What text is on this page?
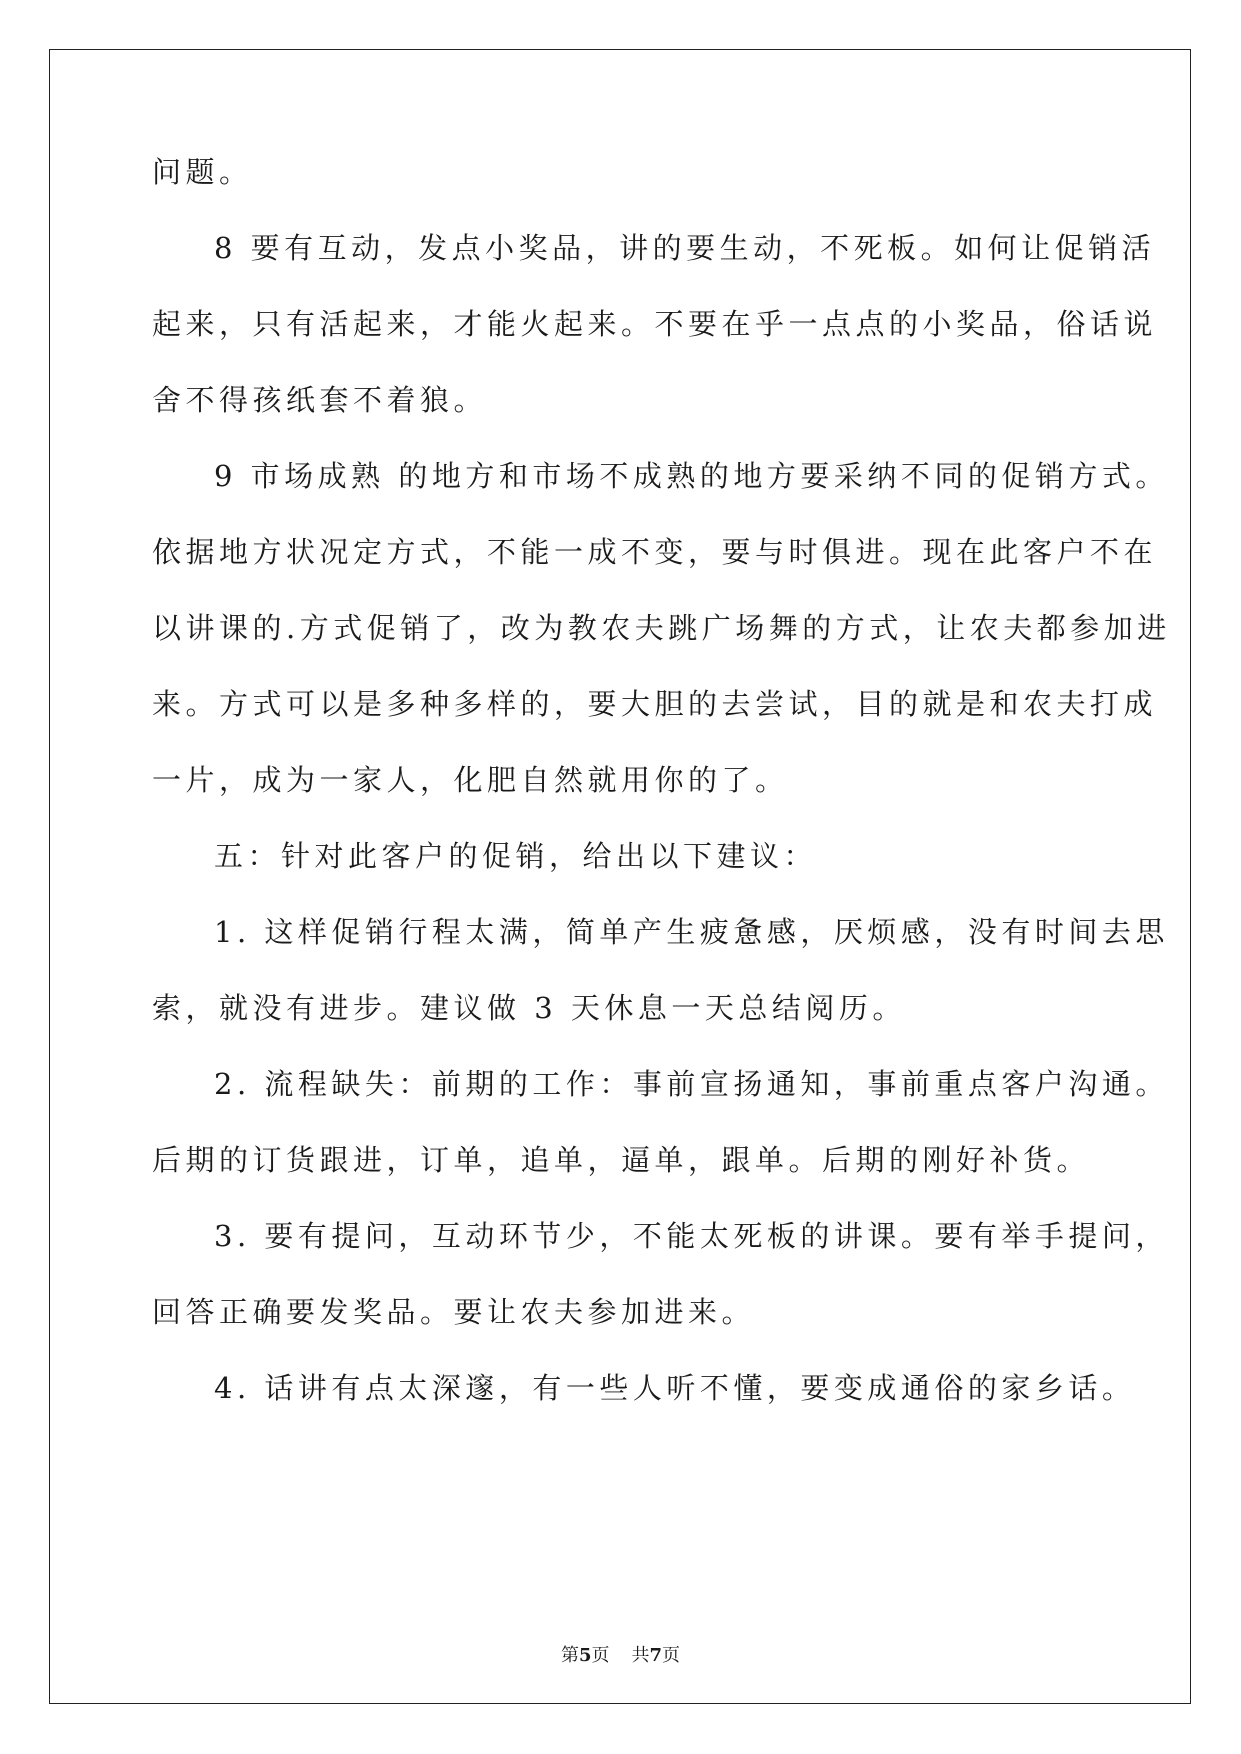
问题。
8 要有互动，发点小奖品，讲的要生动，不死板。如何让促销活
起来，只有活起来，才能火起来。不要在乎一点点的小奖品，俗话说
舍不得孩纸套不着狼。
9 市场成熟 的地方和市场不成熟的地方要采纳不同的促销方式。
依据地方状况定方式，不能一成不变，要与时俱进。现在此客户不在
以讲课的.方式促销了，改为教农夫跳广场舞的方式，让农夫都参加进
来。方式可以是多种多样的，要大胆的去尝试，目的就是和农夫打成
一片，成为一家人，化肥自然就用你的了。
五：针对此客户的促销，给出以下建议：
1. 这样促销行程太满，简单产生疲惫感，厌烦感，没有时间去思
索，就没有进步。建议做 3 天休息一天总结阅历。
2. 流程缺失：前期的工作：事前宣扬通知，事前重点客户沟通。
后期的订货跟进，订单，追单，逼单，跟单。后期的刚好补货。
3. 要有提问，互动环节少，不能太死板的讲课。要有举手提问，
回答正确要发奖品。要让农夫参加进来。
4. 话讲有点太深邃，有一些人听不懂，要变成通俗的家乡话。
第5页 共7页
